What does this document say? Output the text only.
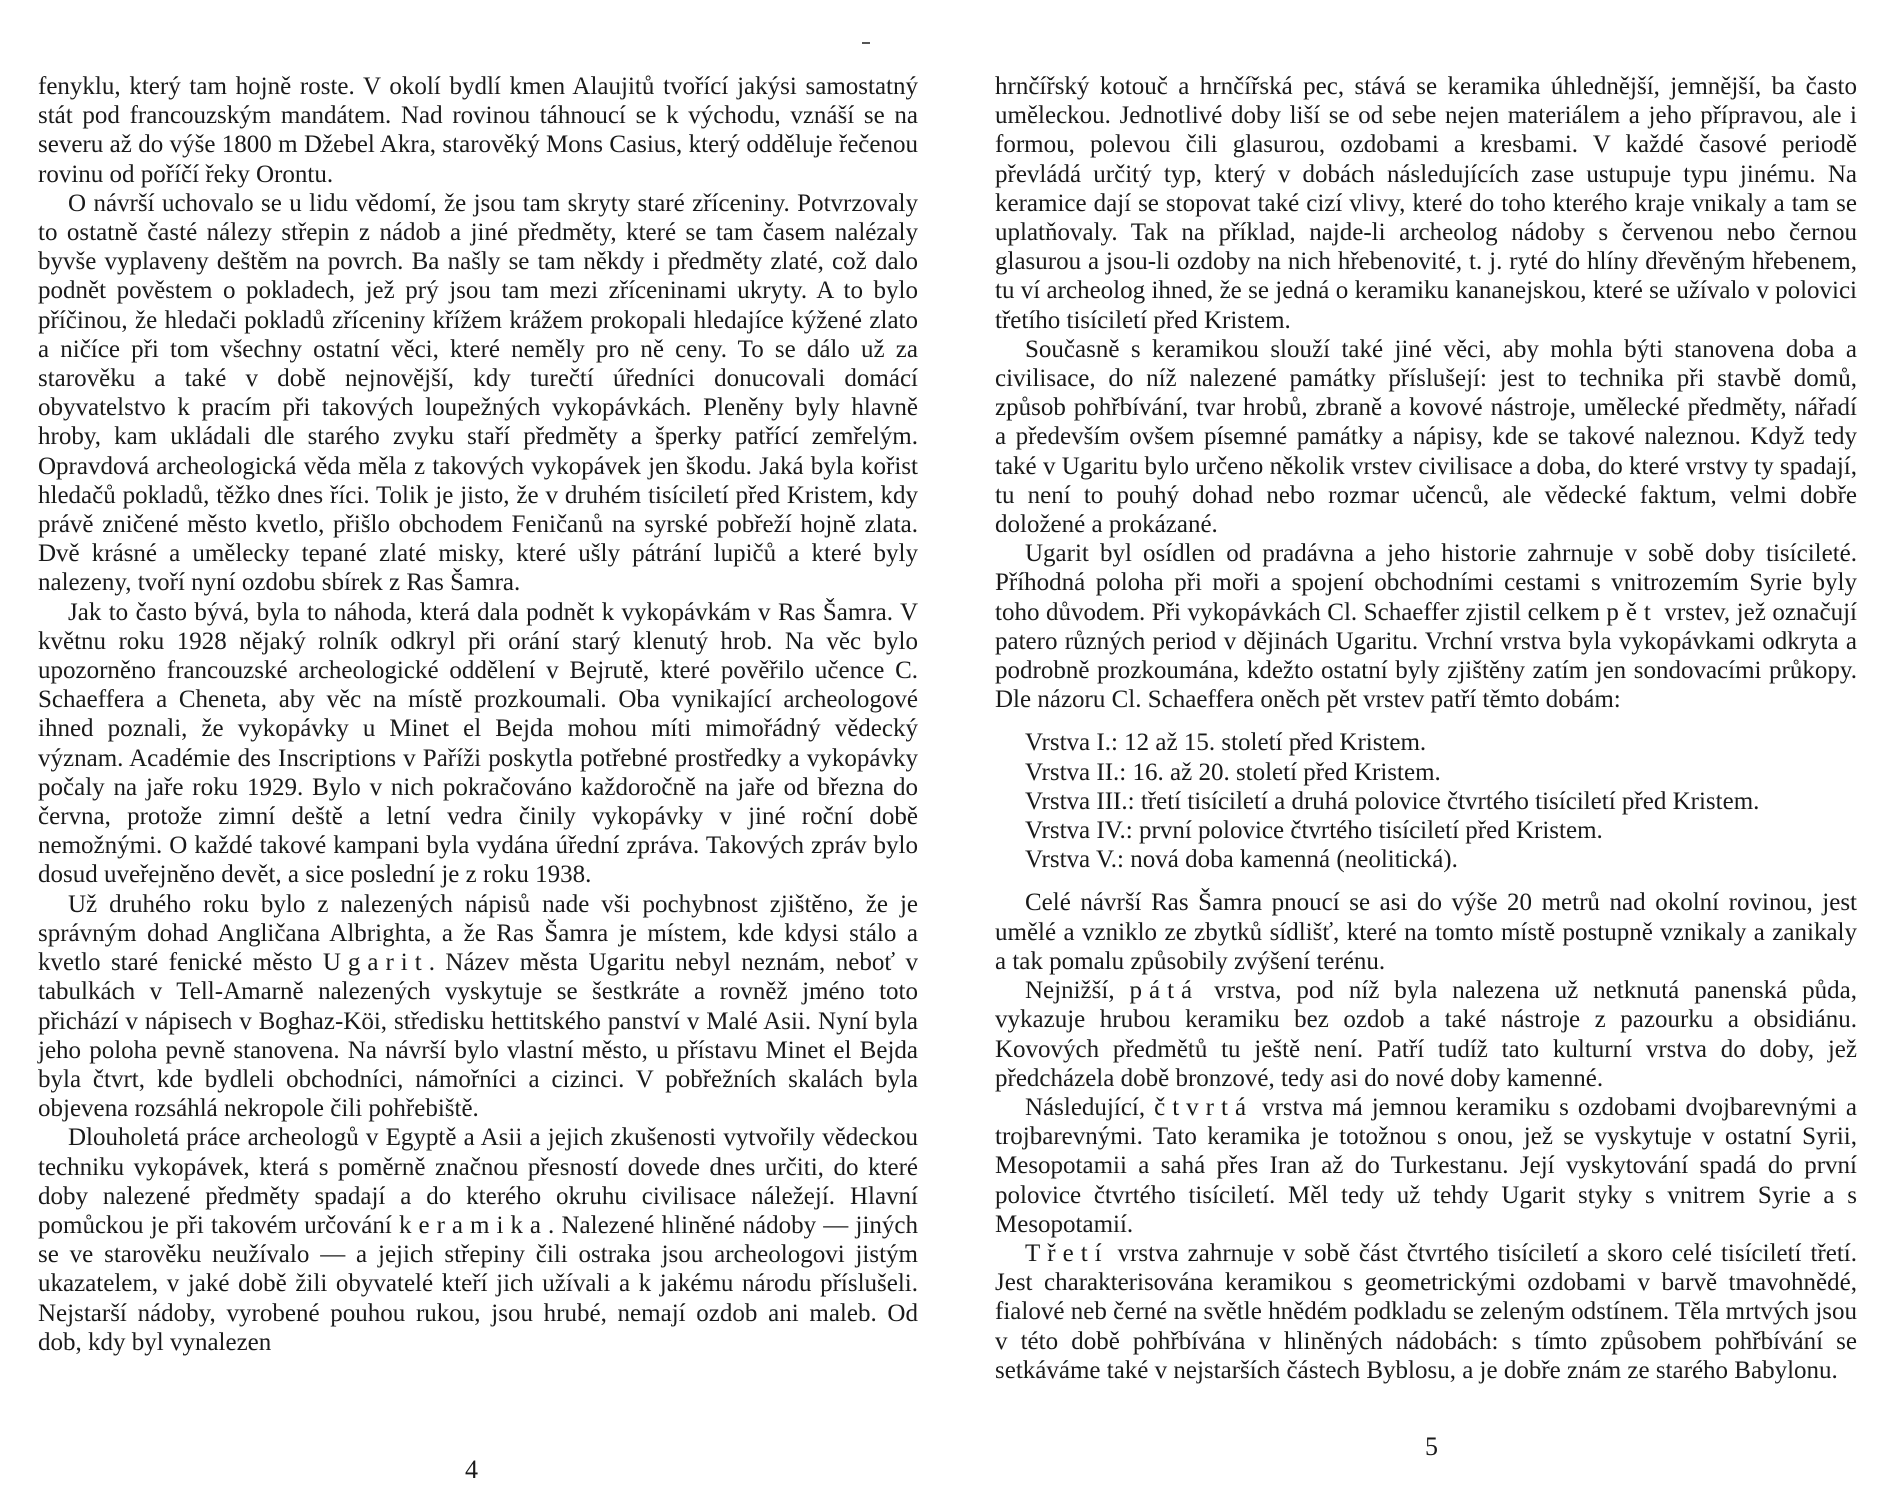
fenyklu, který tam hojně roste. V okolí bydlí kmen Alaujitů tvořící jakýsi samostatný stát pod francouzským mandátem. Nad rovinou táhnoucí se k východu, vznáší se na severu až do výše 1800 m Džebel Akra, starověký Mons Casius, který odděluje řečenou rovinu od poříčí řeky Orontu.

O návrší uchovalo se u lidu vědomí, že jsou tam skryty staré zříceniny. Potvrzovaly to ostatně časté nálezy střepin z nádob a jiné předměty, které se tam časem nalézaly byvše vyplaveny deštěm na povrch. Ba našly se tam někdy i předměty zlaté, což dalo podnět pověstem o pokladech, jež prý jsou tam mezi zříceninami ukryty. A to bylo příčinou, že hledači pokladů zříceniny křížem krážem prokopali hledajíce kýžené zlato a ničíce při tom všechny ostatní věci, které neměly pro ně ceny. To se dálo už za starověku a také v době nejnovější, kdy turečtí úředníci donucovali domácí obyvatelstvo k pracím při takových loupežných vykopávkách. Pleněny byly hlavně hroby, kam ukládali dle starého zvyku staří předměty a šperky patřící zemřelým. Opravdová archeologická věda měla z takových vykopávek jen škodu. Jaká byla kořist hledačů pokladů, těžko dnes říci. Tolik je jisto, že v druhém tisíciletí před Kristem, kdy právě zničené město kvetlo, přišlo obchodem Feničanů na syrské pobřeží hojně zlata. Dvě krásné a umělecky tepané zlaté misky, které ušly pátrání lupičů a které byly nalezeny, tvoří nyní ozdobu sbírek z Ras Šamra.

Jak to často bývá, byla to náhoda, která dala podnět k vykopávkám v Ras Šamra. V květnu roku 1928 nějaký rolník odkryl při orání starý klenutý hrob. Na věc bylo upozorněno francouzské archeologické oddělení v Bejrutě, které pověřilo učence C. Schaeffera a Cheneta, aby věc na místě prozkoumali. Oba vynikající archeologové ihned poznali, že vykopávky u Minet el Bejda mohou míti mimořádný vědecký význam. Académie des Inscriptions v Paříži poskytla potřebné prostředky a vykopávky počaly na jaře roku 1929. Bylo v nich pokračováno každoročně na jaře od března do června, protože zimní deště a letní vedra činily vykopávky v jiné roční době nemožnými. O každé takové kampani byla vydána úřední zpráva. Takových zpráv bylo dosud uveřejněno devět, a sice poslední je z roku 1938.

Už druhého roku bylo z nalezených nápisů nade vši pochybnost zjištěno, že je správným dohad Angličana Albrighta, a že Ras Šamra je místem, kde kdysi stálo a kvetlo staré fenické město Ugarit. Název města Ugaritu nebyl neznám, neboť v tabulkách v Tell-Amarně nalezených vyskytuje se šestkráte a rovněž jméno toto přichází v nápisech v Boghaz-Köi, středisku hettitského panství v Malé Asii. Nyní byla jeho poloha pevně stanovena. Na návrší bylo vlastní město, u přístavu Minet el Bejda byla čtvrt, kde bydleli obchodníci, námořníci a cizinci. V pobřežních skalách byla objevena rozsáhlá nekropole čili pohřebiště.

Dlouholetá práce archeologů v Egyptě a Asii a jejich zkušenosti vytvořily vědeckou techniku vykopávek, která s poměrně značnou přesností dovede dnes určiti, do které doby nalezené předměty spadají a do kterého okruhu civilisace náležejí. Hlavní pomůckou je při takovém určování keramika. Nalezené hliněné nádoby — jiných se ve starověku neužívalo — a jejich střepiny čili ostraka jsou archeologovi jistým ukazatelem, v jaké době žili obyvatelé kteří jich užívali a k jakému národu příslušeli. Nejstarší nádoby, vyrobené pouhou rukou, jsou hrubé, nemají ozdob ani maleb. Od dob, kdy byl vynalezen

4

hrnčířský kotouč a hrnčířská pec, stává se keramika úhlednější, jemnější, ba často uměleckou. Jednotlivé doby liší se od sebe nejen materiálem a jeho přípravou, ale i formou, polevou čili glasurou, ozdobami a kresbami. V každé časové periodě převládá určitý typ, který v dobách následujících zase ustupuje typu jinému. Na keramice dají se stopovat také cizí vlivy, které do toho kterého kraje vnikaly a tam se uplatňovaly. Tak na příklad, najde-li archeolog nádoby s červenou nebo černou glasurou a jsou-li ozdoby na nich hřebenovité, t. j. ryté do hlíny dřevěným hřebenem, tu ví archeolog ihned, že se jedná o keramiku kananejskou, které se užívalo v polovici třetího tisíciletí před Kristem.

Současně s keramikou slouží také jiné věci, aby mohla býti stanovena doba a civilisace, do níž nalezené památky příslušejí: jest to technika při stavbě domů, způsob pohřbívání, tvar hrobů, zbraně a kovové nástroje, umělecké předměty, nářadí a především ovšem písemné památky a nápisy, kde se takové naleznou. Když tedy také v Ugaritu bylo určeno několik vrstev civilisace a doba, do které vrstvy ty spadají, tu není to pouhý dohad nebo rozmar učenců, ale vědecké faktum, velmi dobře doložené a prokázané.

Ugarit byl osídlen od pradávna a jeho historie zahrnuje v sobě doby tisícileté. Příhodná poloha při moři a spojení obchodními cestami s vnitrozemím Syrie byly toho důvodem. Při vykopávkách Cl. Schaeffer zjistil celkem pět vrstev, jež označují patero různých period v dějinách Ugaritu. Vrchní vrstva byla vykopávkami odkryta a podrobně prozkoumána, kdežto ostatní byly zjištěny zatím jen sondovacími průkopy. Dle názoru Cl. Schaeffera oněch pět vrstev patří těmto dobám:

Vrstva I.: 12 až 15. století před Kristem.
Vrstva II.: 16. až 20. století před Kristem.
Vrstva III.: třetí tisíciletí a druhá polovice čtvrtého tisíciletí před Kristem.
Vrstva IV.: první polovice čtvrtého tisíciletí před Kristem.
Vrstva V.: nová doba kamenná (neolitická).

Celé návrší Ras Šamra pnoucí se asi do výše 20 metrů nad okolní rovinou, jest umělé a vzniklo ze zbytků sídlišť, které na tomto místě postupně vznikaly a zanikaly a tak pomalu způsobily zvýšení terénu.

Nejnižší, pátá vrstva, pod níž byla nalezena už netknutá panenská půda, vykazuje hrubou keramiku bez ozdob a také nástroje z pazourku a obsidiánu. Kovových předmětů tu ještě není. Patří tudíž tato kulturní vrstva do doby, jež předcházela době bronzové, tedy asi do nové doby kamenné.

Následující, čtvrtá vrstva má jemnou keramiku s ozdobami dvojbarevnými a trojbarevnými. Tato keramika je totožnou s onou, jež se vyskytuje v ostatní Syrii, Mesopotamii a sahá přes Iran až do Turkestanu. Její vyskytování spadá do první polovice čtvrtého tisíciletí. Měl tedy už tehdy Ugarit styky s vnitrem Syrie a s Mesopotamií.

Třetí vrstva zahrnuje v sobě část čtvrtého tisíciletí a skoro celé tisíciletí třetí. Jest charakterisována keramikou s geometrickými ozdobami v barvě tmavohnědé, fialové neb černé na světle hnědém podkladu se zeleným odstínem. Těla mrtvých jsou v této době pohřbívána v hliněných nádobách: s tímto způsobem pohřbívání se setkáváme také v nejstarších částech Byblosu, a je dobře znám ze starého Babylonu.

5
